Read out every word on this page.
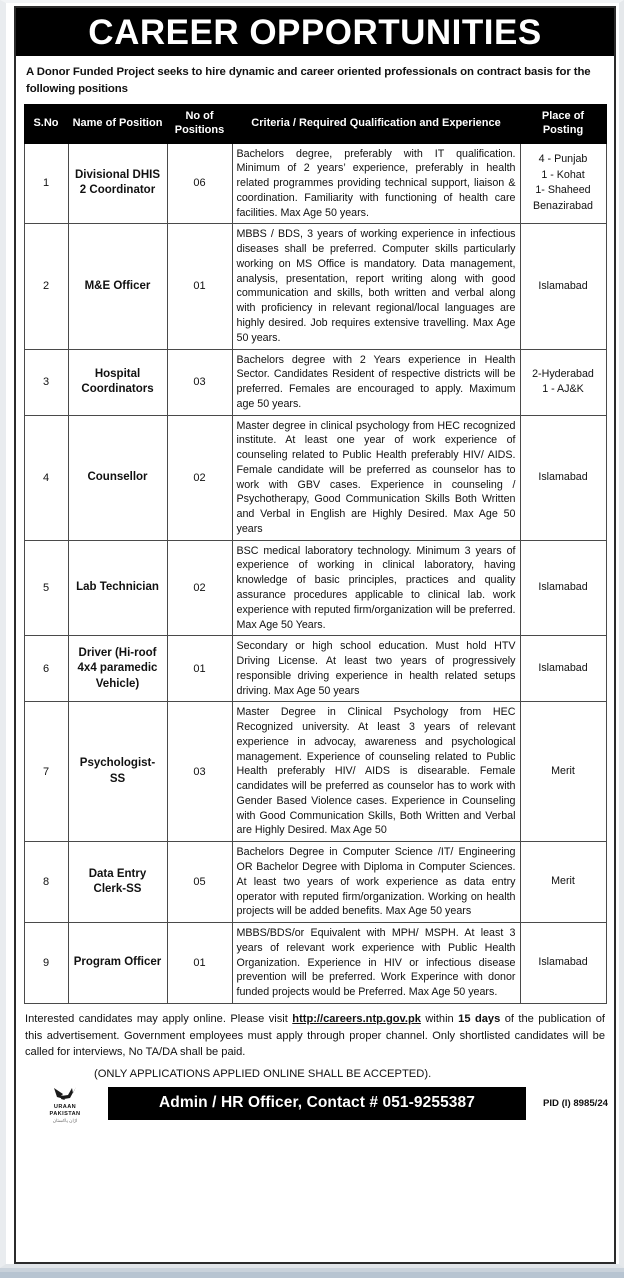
CAREER OPPORTUNITIES
A Donor Funded Project seeks to hire dynamic and career oriented professionals on contract basis for the following positions
S.No	Name of Position	No of Positions	Criteria / Required Qualification and Experience	Place of Posting
1	Divisional DHIS 2 Coordinator	06	Bachelors degree, preferably with IT qualification. Minimum of 2 years’ experience, preferably in health related programmes providing technical support, liaison & coordination. Familiarity with functioning of health care facilities. Max Age 50 years.	4 - Punjab
1 - Kohat
1- Shaheed Benazirabad
2	M&E Officer	01	MBBS / BDS, 3 years of working experience in infectious diseases shall be preferred. Computer skills particularly working on MS Office is mandatory. Data management, analysis, presentation, report writing along with good communication and skills, both written and verbal along with proficiency in relevant regional/local languages are highly desired. Job requires extensive travelling. Max Age 50 years.	Islamabad
3	Hospital Coordinators	03	Bachelors degree with 2 Years experience in Health Sector. Candidates Resident of respective districts will be preferred. Females are encouraged to apply. Maximum age 50 years.	2-Hyderabad
1 - AJ&K
4	Counsellor	02	Master degree in clinical psychology from HEC recognized institute. At least one year of work experience of counseling related to Public Health preferably HIV/ AIDS. Female candidate will be preferred as counselor has to work with GBV cases. Experience in counseling / Psychotherapy, Good Communication Skills Both Written and Verbal in English are Highly Desired. Max Age 50 years	Islamabad
5	Lab Technician	02	BSC medical laboratory technology. Minimum 3 years of experience of working in clinical laboratory, having knowledge of basic principles, practices and quality assurance procedures applicable to clinical lab. work experience with reputed firm/organization will be preferred. Max Age 50 Years.	Islamabad
6	Driver (Hi-roof 4x4 paramedic Vehicle)	01	Secondary or high school education. Must hold HTV Driving License. At least two years of progressively responsible driving experience in health related setups driving. Max Age 50 years	Islamabad
7	Psychologist-SS	03	Master Degree in Clinical Psychology from HEC Recognized university. At least 3 years of relevant experience in advocay, awareness and psychological management. Experience of counseling related to Public Health preferably HIV/ AIDS is disearable. Female candidates will be preferred as counselor has to work with Gender Based Violence cases. Experience in Counseling with Good Communication Skills, Both Written and Verbal are Highly Desired. Max Age 50	Merit
8	Data Entry Clerk-SS	05	Bachelors Degree in Computer Science /IT/ Engineering OR Bachelor Degree with Diploma in Computer Sciences. At least two years of work experience as data entry operator with reputed firm/organization. Working on health projects will be added benefits. Max Age 50 years	Merit
9	Program Officer	01	MBBS/BDS/or Equivalent with MPH/ MSPH. At least 3 years of relevant work experience with Public Health Organization. Experience in HIV or infectious disease prevention will be preferred. Work Experince with donor funded projects would be Preferred. Max Age 50 years.	Islamabad
Interested candidates may apply online. Please visit http://careers.ntp.gov.pk within 15 days of the publication of this advertisement. Government employees must apply through proper channel. Only shortlisted candidates will be called for interviews, No TA/DA shall be paid.
(ONLY APPLICATIONS APPLIED ONLINE SHALL BE ACCEPTED).
URAAN
PAKISTAN
اڑان پاکستان
Admin / HR Officer, Contact # 051-9255387	PID (I) 8985/24
